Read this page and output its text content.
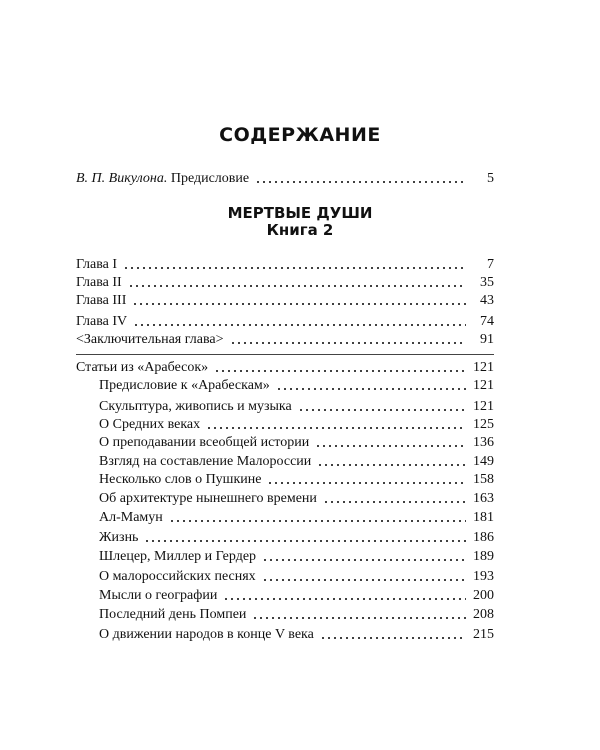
СОДЕРЖАНИЕ
В. П. Викулона. Предисловие	5
МЕРТВЫЕ ДУШИ
Книга 2
Глава I	7
Глава II	35
Глава III	43
Глава IV	74
<Заключительная глава>	91
Статьи из «Арабесок»	121
Предисловие к «Арабескам»	121
Скульптура, живопись и музыка	121
О Средних веках	125
О преподавании всеобщей истории	136
Взгляд на составление Малороссии	149
Несколько слов о Пушкине	158
Об архитектуре нынешнего времени	163
Ал-Мамун	181
Жизнь	186
Шлецер, Миллер и Гердер	189
О малороссийских песнях	193
Мысли о географии	200
Последний день Помпеи	208
О движении народов в конце V века	215
